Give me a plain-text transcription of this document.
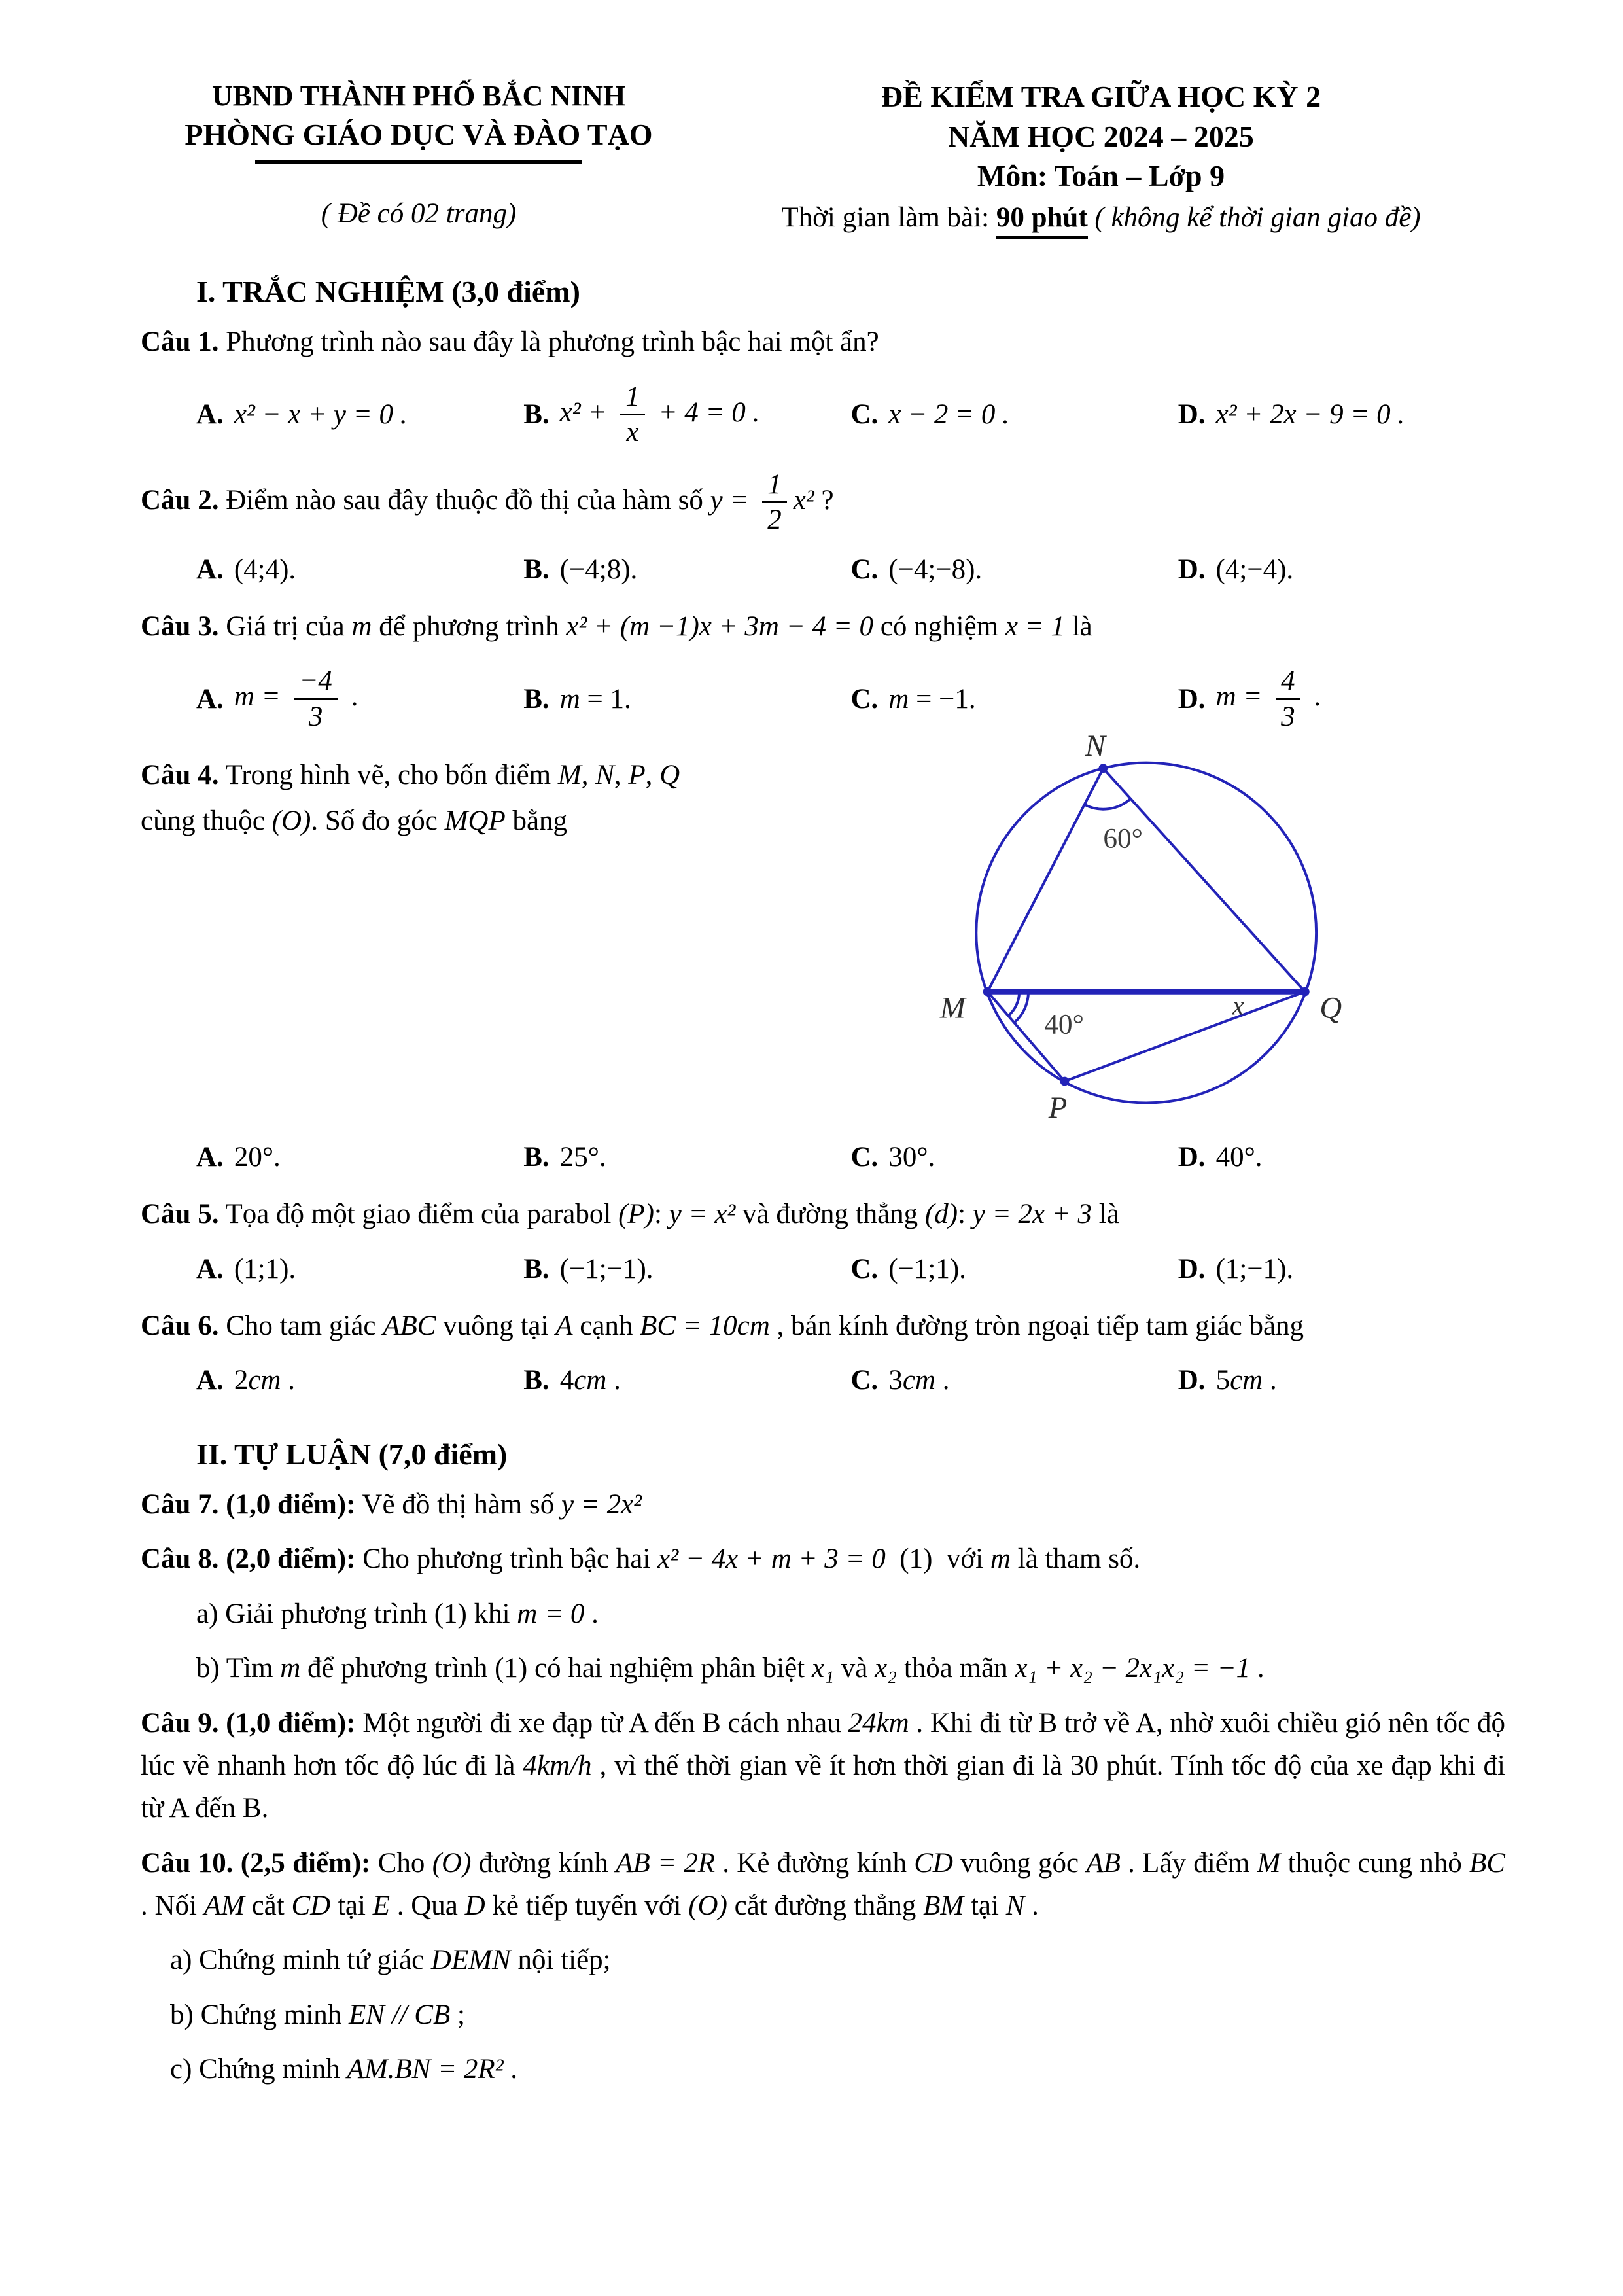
UBND THÀNH PHỐ BẮC NINH
PHÒNG GIÁO DỤC VÀ ĐÀO TẠO
( Đề có 02 trang)
ĐỀ KIỂM TRA GIỮA HỌC KỲ 2
NĂM HỌC 2024 – 2025
Môn: Toán – Lớp 9
Thời gian làm bài: 90 phút ( không kể thời gian giao đề)
I. TRẮC NGHIỆM (3,0 điểm)
Câu 1. Phương trình nào sau đây là phương trình bậc hai một ẩn?
A. x² − x + y = 0 .	B. $x^2 + \frac{1}{x} + 4 = 0$ .	C. x − 2 = 0 .	D. x² + 2x − 9 = 0 .
Câu 2. Điểm nào sau đây thuộc đồ thị của hàm số $y = \frac{1}{2} x^2$ ?
A. (4;4).	B. (−4;8).	C. (−4;−8).	D. (4;−4).
Câu 3. Giá trị của m để phương trình x² + (m −1)x + 3m − 4 = 0 có nghiệm x = 1 là
A. $m = \frac{-4}{3}$ .	B. m = 1.	C. m = −1.	D. $m = \frac{4}{3}$ .
Câu 4. Trong hình vẽ, cho bốn điểm M, N, P, Q
cùng thuộc (O). Số đo góc MQP bằng
N
M	Q
P
60°
40°
x
A. 20°.	B. 25°.	C. 30°.	D. 40°.
Câu 5. Tọa độ một giao điểm của parabol (P): y = x² và đường thẳng (d): y = 2x + 3 là
A. (1;1).	B. (−1;−1).	C. (−1;1).	D. (1;−1).
Câu 6. Cho tam giác ABC vuông tại A cạnh BC = 10cm , bán kính đường tròn ngoại tiếp tam giác bằng
A. 2cm .	B. 4cm .	C. 3cm .	D. 5cm .
II. TỰ LUẬN (7,0 điểm)
Câu 7. (1,0 điểm): Vẽ đồ thị hàm số y = 2x²
Câu 8. (2,0 điểm): Cho phương trình bậc hai x² − 4x + m + 3 = 0  (1)  với m là tham số.
a) Giải phương trình (1) khi m = 0 .
b) Tìm m để phương trình (1) có hai nghiệm phân biệt x₁ và x₂ thỏa mãn x₁ + x₂ − 2x₁x₂ = −1 .
Câu 9. (1,0 điểm): Một người đi xe đạp từ A đến B cách nhau 24km . Khi đi từ B trở về A, nhờ xuôi chiều gió nên tốc độ lúc về nhanh hơn tốc độ lúc đi là 4km/h , vì thế thời gian về ít hơn thời gian đi là 30 phút. Tính tốc độ của xe đạp khi đi từ A đến B.
Câu 10. (2,5 điểm): Cho (O) đường kính AB = 2R . Kẻ đường kính CD vuông góc AB . Lấy điểm M thuộc cung nhỏ BC . Nối AM cắt CD tại E . Qua D kẻ tiếp tuyến với (O) cắt đường thẳng BM tại N .
a) Chứng minh tứ giác DEMN nội tiếp;
b) Chứng minh EN // CB ;
c) Chứng minh AM.BN = 2R² .
